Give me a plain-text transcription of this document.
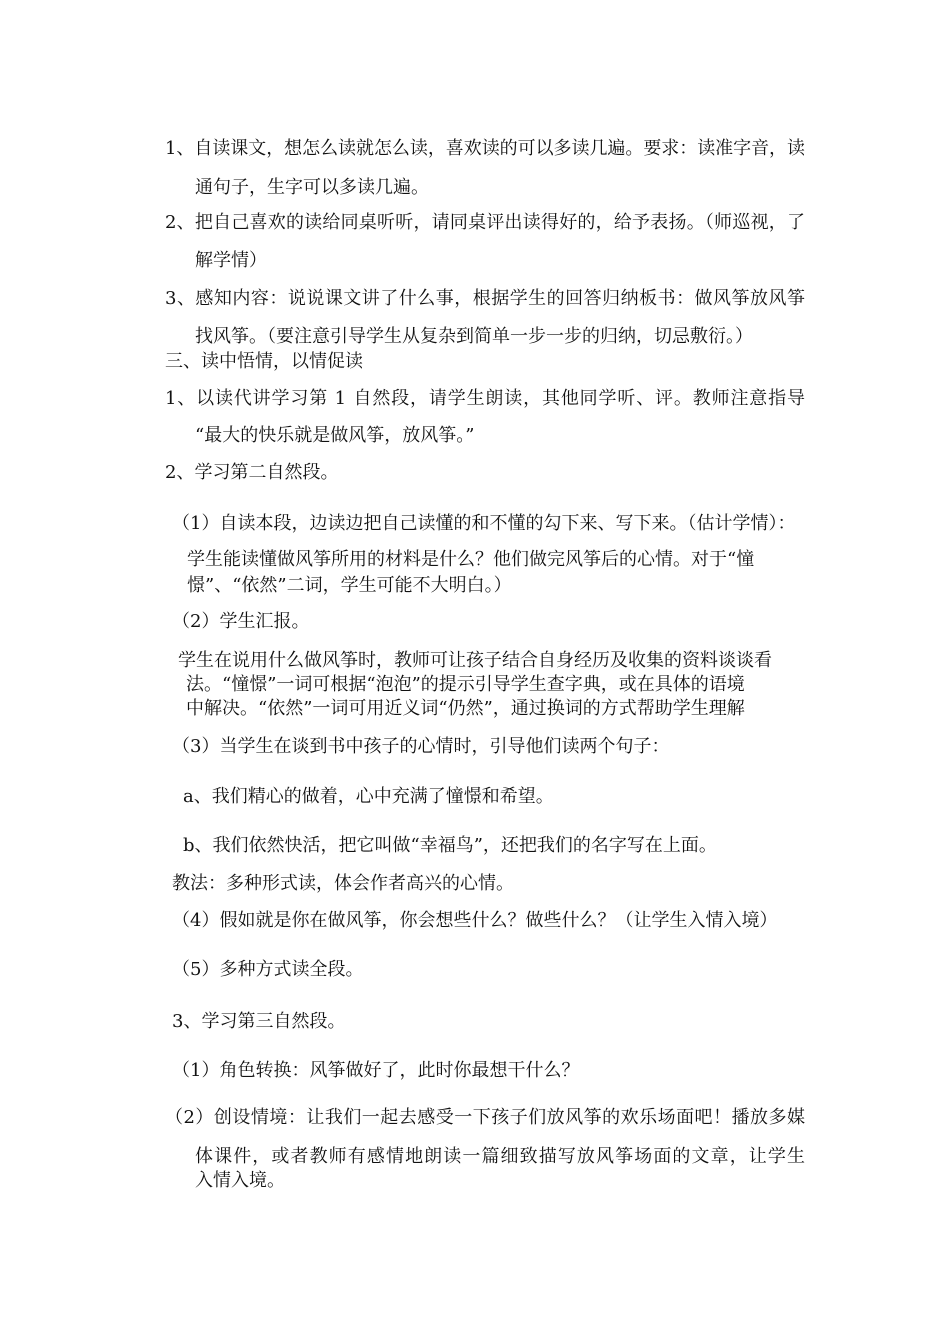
1、自读课文，想怎么读就怎么读，喜欢读的可以多读几遍。要求：读准字音，读
通句子，生字可以多读几遍。
2、把自己喜欢的读给同桌听听，请同桌评出读得好的，给予表扬。（师巡视，了
解学情）
3、感知内容：说说课文讲了什么事，根据学生的回答归纳板书：做风筝放风筝
找风筝。（要注意引导学生从复杂到简单一步一步的归纳，切忌敷衍。）
三、读中悟情，以情促读
1、以读代讲学习第 1 自然段，请学生朗读，其他同学听、评。教师注意指导
“最大的快乐就是做风筝，放风筝。”
2、学习第二自然段。
（1）自读本段，边读边把自己读懂的和不懂的勾下来、写下来。（估计学情）：
学生能读懂做风筝所用的材料是什么？他们做完风筝后的心情。对于“憧
憬”、“依然”二词，学生可能不大明白。）
（2）学生汇报。
学生在说用什么做风筝时，教师可让孩子结合自身经历及收集的资料谈谈看
法。“憧憬”一词可根据“泡泡”的提示引导学生查字典，或在具体的语境
中解决。“依然”一词可用近义词“仍然”，通过换词的方式帮助学生理解
（3）当学生在谈到书中孩子的心情时，引导他们读两个句子：
a、我们精心的做着，心中充满了憧憬和希望。
b、我们依然快活，把它叫做“幸福鸟”，还把我们的名字写在上面。
教法：多种形式读，体会作者高兴的心情。
（4）假如就是你在做风筝，你会想些什么？做些什么？（让学生入情入境）
（5）多种方式读全段。
3、学习第三自然段。
（1）角色转换：风筝做好了，此时你最想干什么？
（2）创设情境：让我们一起去感受一下孩子们放风筝的欢乐场面吧！播放多媒
体课件，或者教师有感情地朗读一篇细致描写放风筝场面的文章，让学生
入情入境。
